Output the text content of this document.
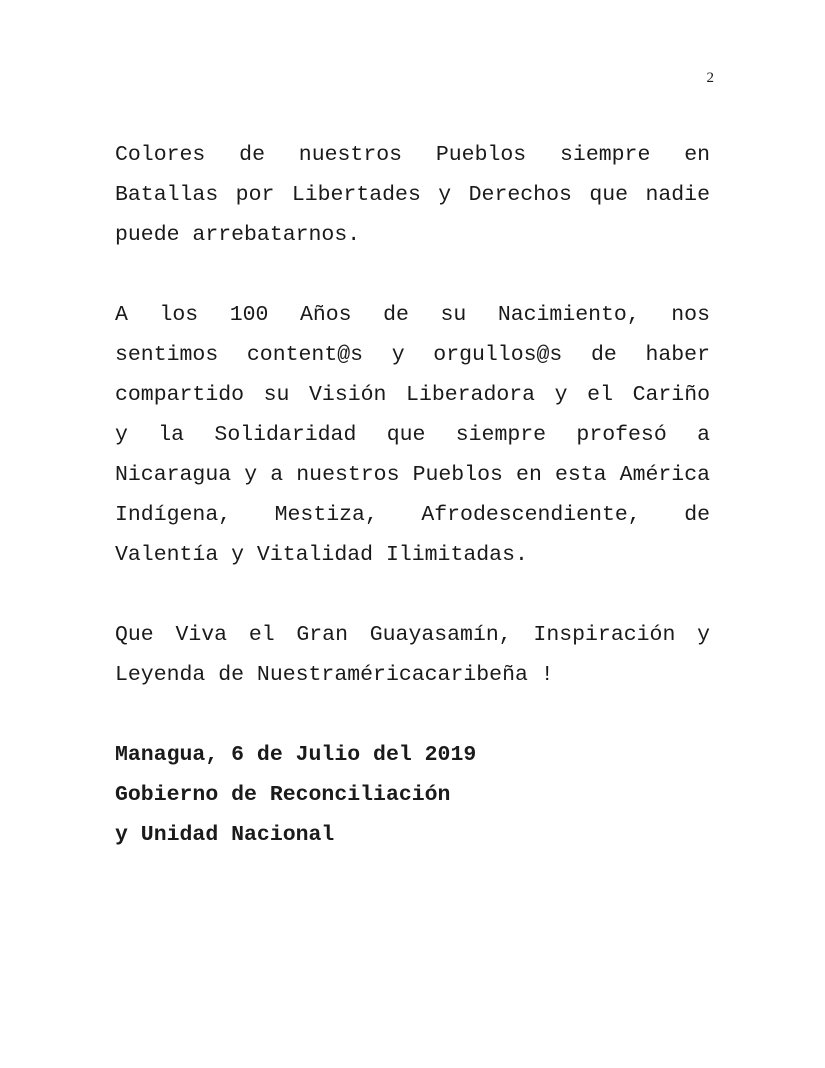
2

Colores de nuestros Pueblos siempre en

Batallas por Libertades y Derechos que nadie

puede arrebatarnos.

A los 100 Años de su Nacimiento, nos

sentimos content@s y orgullos@s de haber

compartido su Visión Liberadora y el Cariño

y la Solidaridad que siempre profesó a

Nicaragua y a nuestros Pueblos en esta América

Indígena, Mestiza, Afrodescendiente, de

Valentía y Vitalidad Ilimitadas.

Que Viva el Gran Guayasamín, Inspiración y

Leyenda de Nuestraméricacaribeña !

Managua, 6 de Julio del 2019
Gobierno de Reconciliación
y Unidad Nacional
